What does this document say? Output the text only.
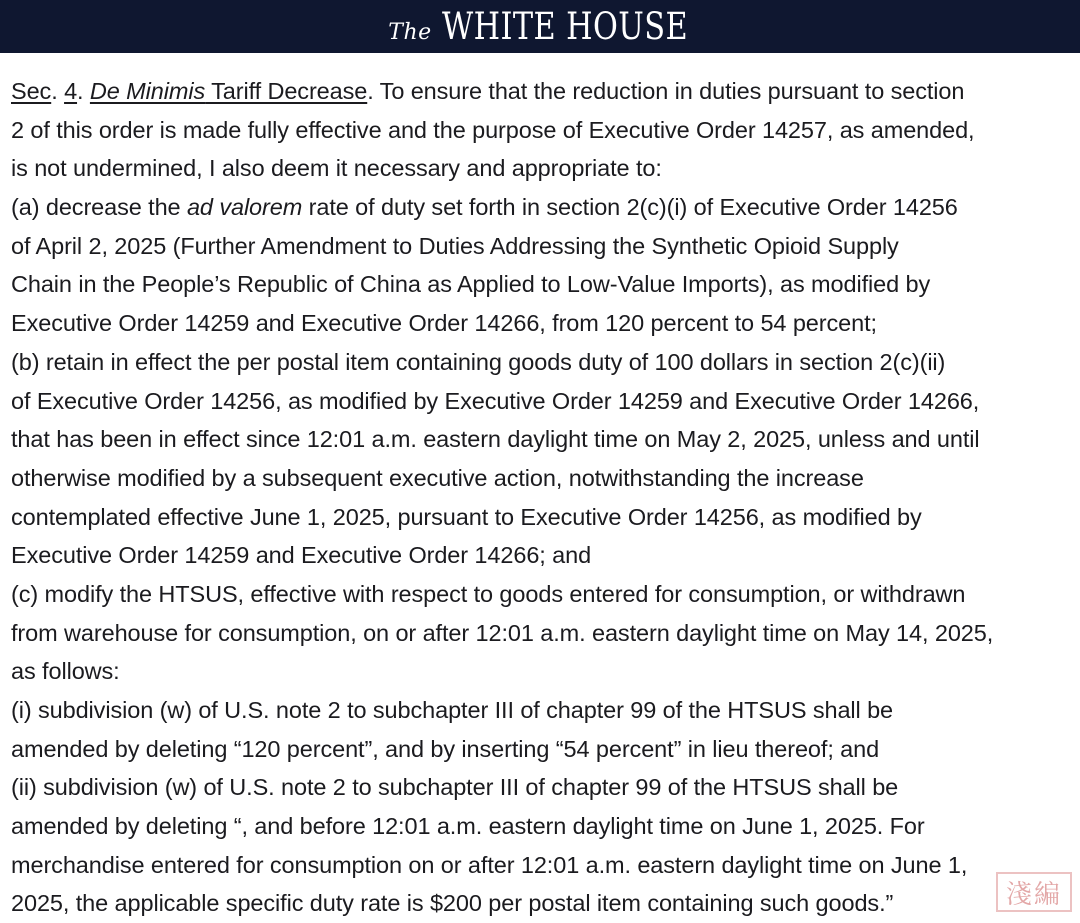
The WHITE HOUSE
Sec. 4. De Minimis Tariff Decrease. To ensure that the reduction in duties pursuant to section
2 of this order is made fully effective and the purpose of Executive Order 14257, as amended,
is not undermined, I also deem it necessary and appropriate to:
(a) decrease the ad valorem rate of duty set forth in section 2(c)(i) of Executive Order 14256
of April 2, 2025 (Further Amendment to Duties Addressing the Synthetic Opioid Supply
Chain in the People’s Republic of China as Applied to Low-Value Imports), as modified by
Executive Order 14259 and Executive Order 14266, from 120 percent to 54 percent;
(b) retain in effect the per postal item containing goods duty of 100 dollars in section 2(c)(ii)
of Executive Order 14256, as modified by Executive Order 14259 and Executive Order 14266,
that has been in effect since 12:01 a.m. eastern daylight time on May 2, 2025, unless and until
otherwise modified by a subsequent executive action, notwithstanding the increase
contemplated effective June 1, 2025, pursuant to Executive Order 14256, as modified by
Executive Order 14259 and Executive Order 14266; and
(c) modify the HTSUS, effective with respect to goods entered for consumption, or withdrawn
from warehouse for consumption, on or after 12:01 a.m. eastern daylight time on May 14, 2025,
as follows:
(i) subdivision (w) of U.S. note 2 to subchapter III of chapter 99 of the HTSUS shall be
amended by deleting “120 percent”, and by inserting “54 percent” in lieu thereof; and
(ii) subdivision (w) of U.S. note 2 to subchapter III of chapter 99 of the HTSUS shall be
amended by deleting “, and before 12:01 a.m. eastern daylight time on June 1, 2025. For
merchandise entered for consumption on or after 12:01 a.m. eastern daylight time on June 1,
2025, the applicable specific duty rate is $200 per postal item containing such goods.”	淺編
